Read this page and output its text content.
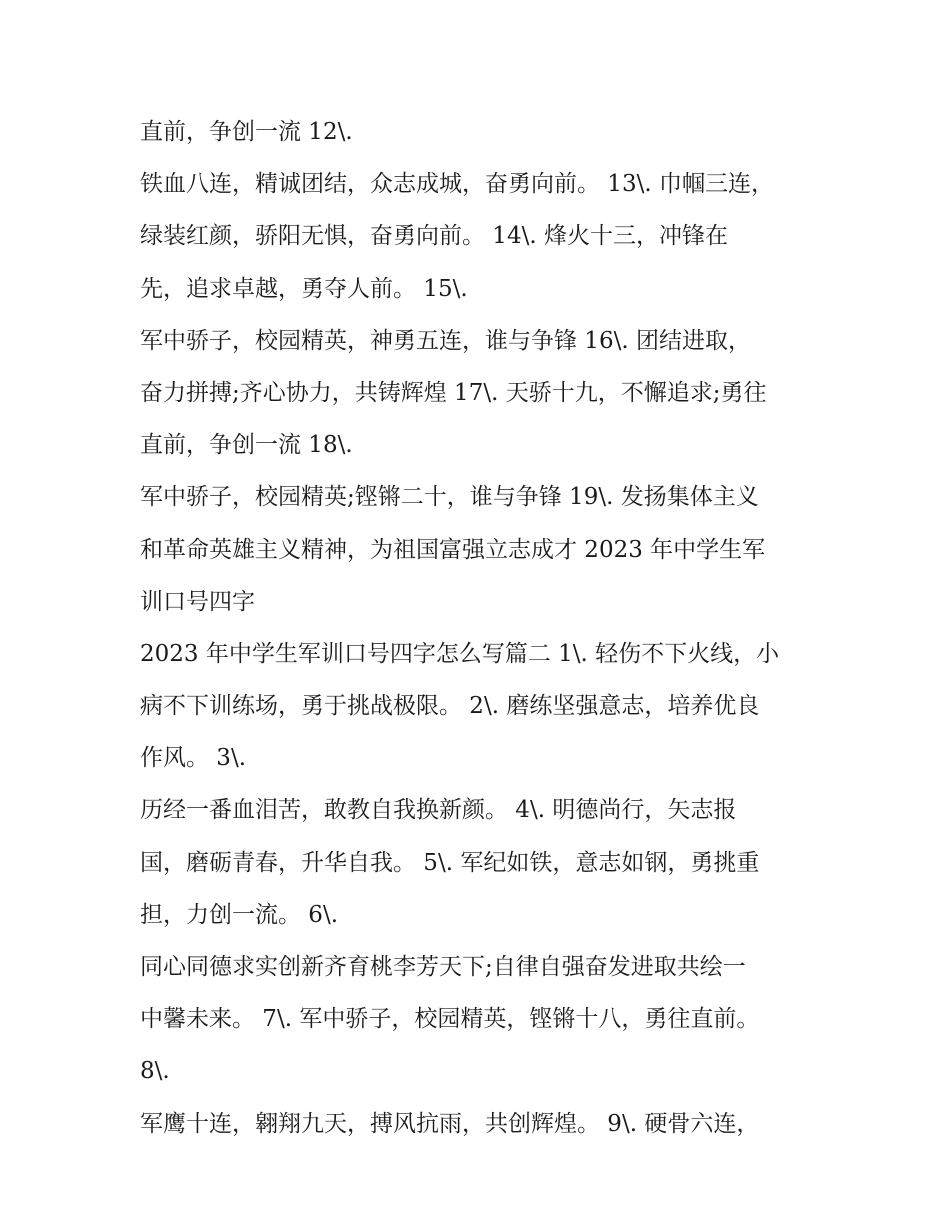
直前，争创一流 12\.
铁血八连，精诚团结，众志成城，奋勇向前。 13\. 巾帼三连，
绿装红颜，骄阳无惧，奋勇向前。 14\. 烽火十三，冲锋在
先，追求卓越，勇夺人前。 15\.
军中骄子，校园精英，神勇五连，谁与争锋 16\. 团结进取，
奋力拼搏;齐心协力，共铸辉煌 17\. 天骄十九，不懈追求;勇往
直前，争创一流 18\.
军中骄子，校园精英;铿锵二十，谁与争锋 19\. 发扬集体主义
和革命英雄主义精神，为祖国富强立志成才 2023 年中学生军
训口号四字
2023 年中学生军训口号四字怎么写篇二 1\. 轻伤不下火线，小
病不下训练场，勇于挑战极限。 2\. 磨练坚强意志，培养优良
作风。 3\.
历经一番血泪苦，敢教自我换新颜。 4\. 明德尚行，矢志报
国，磨砺青春，升华自我。 5\. 军纪如铁，意志如钢，勇挑重
担，力创一流。 6\.
同心同德求实创新齐育桃李芳天下;自律自强奋发进取共绘一
中馨未来。 7\. 军中骄子，校园精英，铿锵十八，勇往直前。
8\.
军鹰十连，翱翔九天，搏风抗雨，共创辉煌。 9\. 硬骨六连，
